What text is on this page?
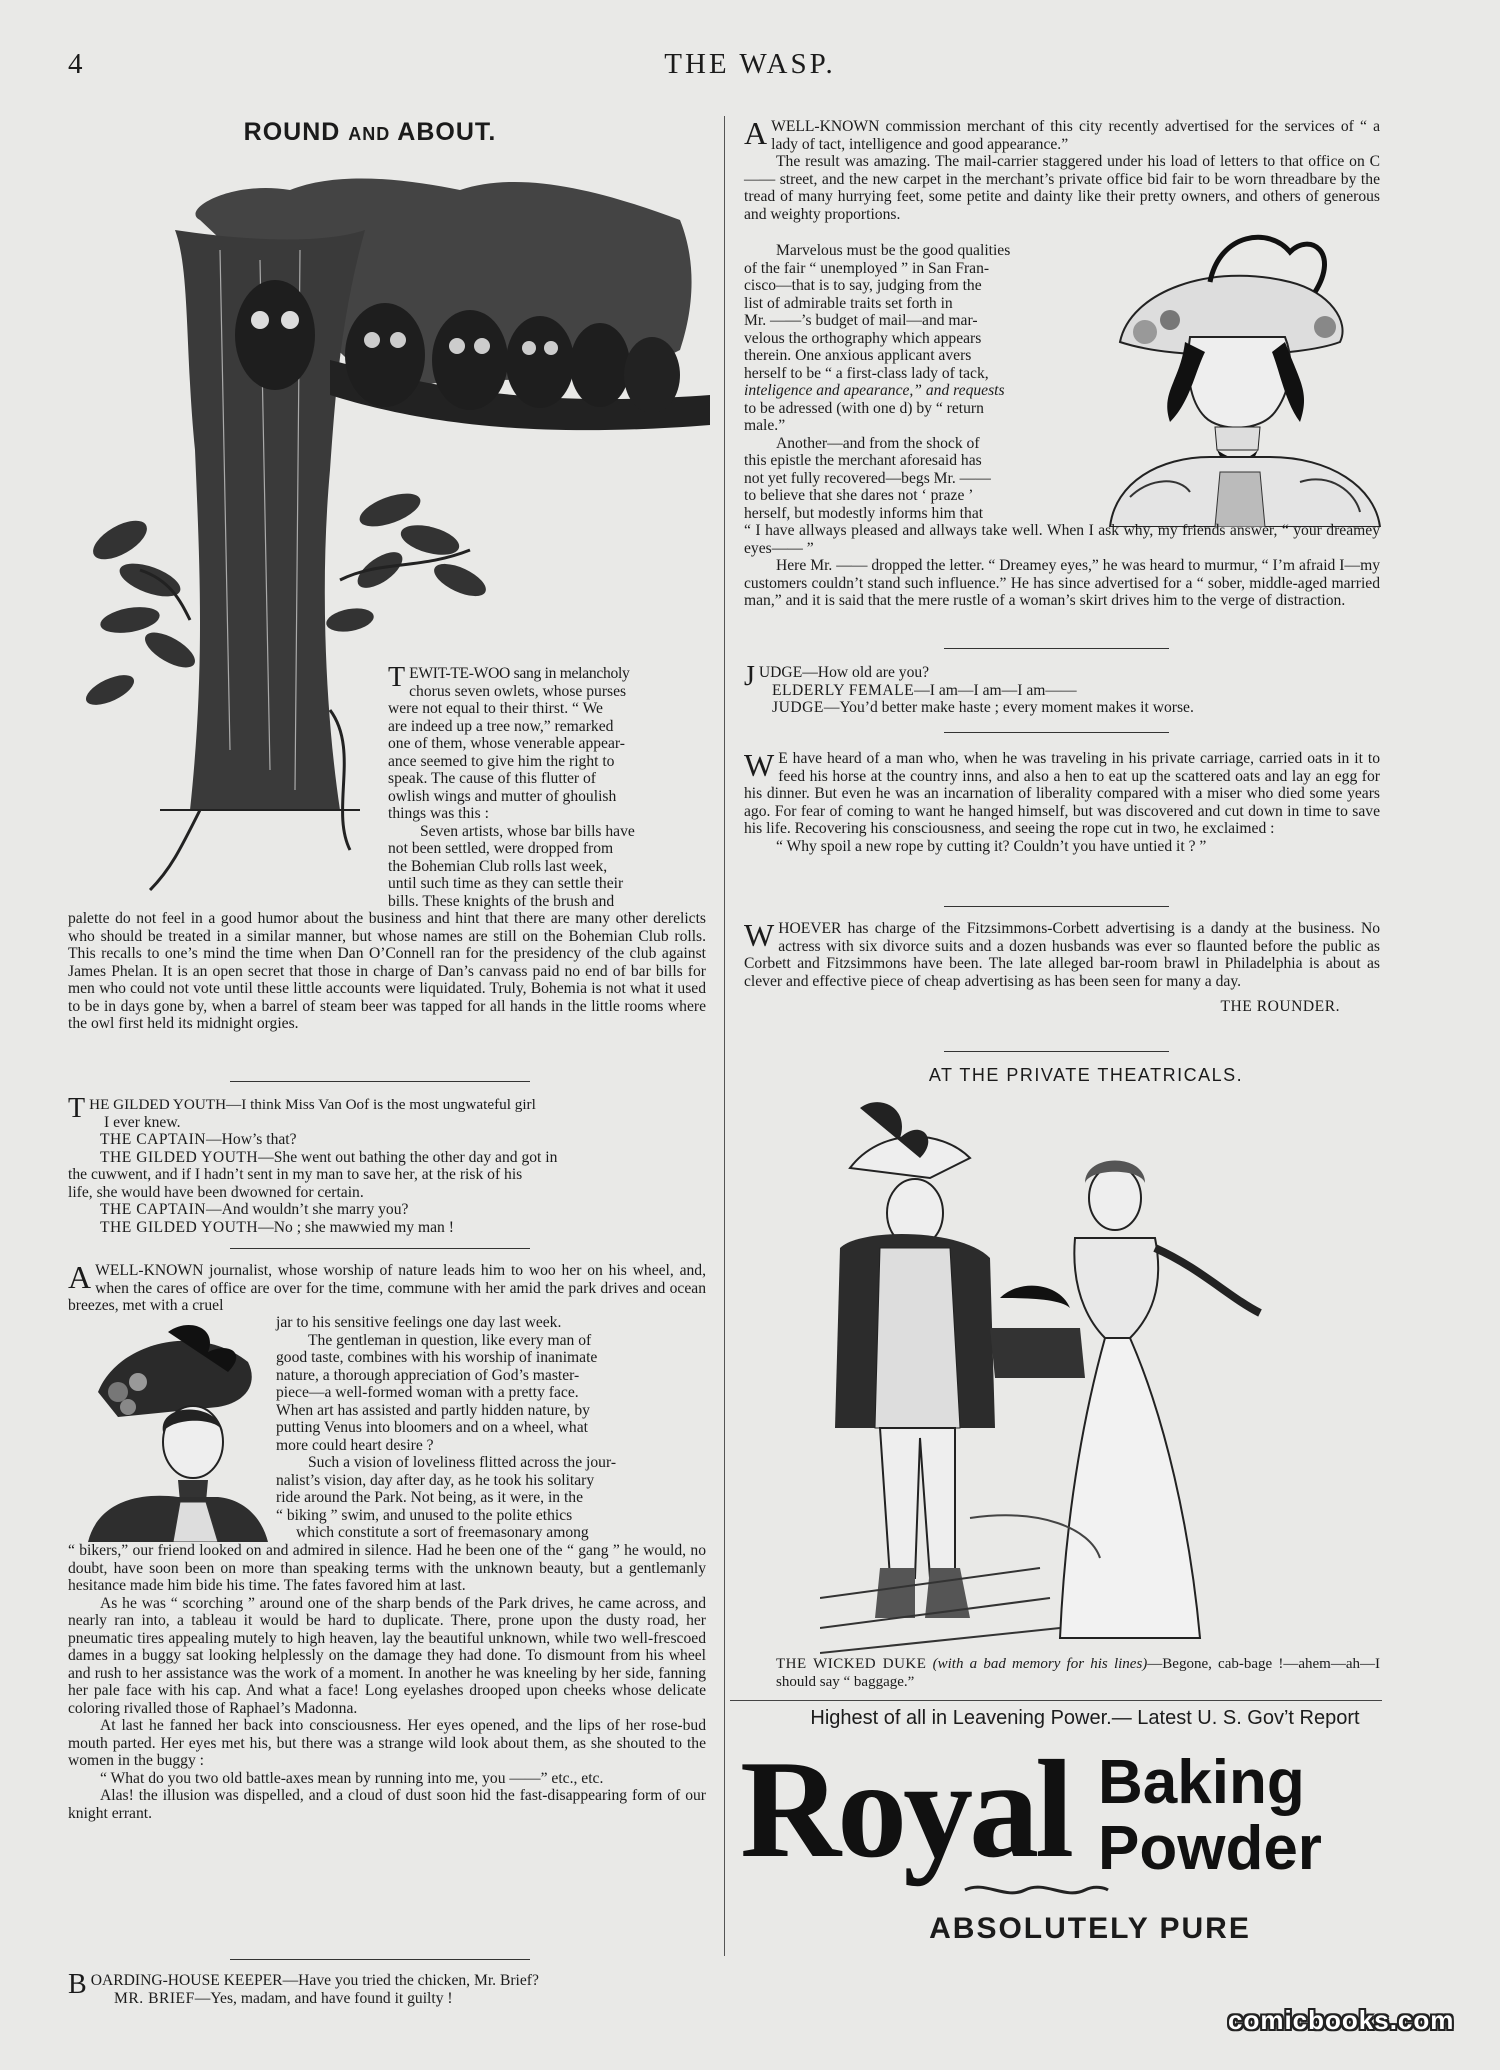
4	THE WASP.
ROUND AND ABOUT.

TEWIT-TE-WOO sang in melancholy

chorus seven owlets, whose purses

were not equal to their thirst. “ We

are indeed up a tree now,” remarked

one of them, whose venerable appear-

ance seemed to give him the right to

speak. The cause of this flutter of

owlish wings and mutter of ghoulish

things was this :

Seven artists, whose bar bills have

not been settled, were dropped from

the Bohemian Club rolls last week,

until such time as they can settle their

bills. These knights of the brush and

palette do not feel in a good humor about the business and hint that there are many other derelicts who should be treated in a similar manner, but whose names are still on the Bohemian Club rolls. This recalls to one’s mind the time when Dan O’Connell ran for the presidency of the club against James Phelan. It is an open secret that those in charge of Dan’s canvass paid no end of bar bills for men who could not vote until these little accounts were liquidated. Truly, Bohemia is not what it used to be in days gone by, when a barrel of steam beer was tapped for all hands in the little rooms where the owl first held its midnight orgies.

THE GILDED YOUTH—I think Miss Van Oof is the most ungwateful girl

I ever knew.

THE CAPTAIN—How’s that?

THE GILDED YOUTH—She went out bathing the other day and got in

the cuwwent, and if I hadn’t sent in my man to save her, at the risk of his

life, she would have been dwowned for certain.

THE CAPTAIN—And wouldn’t she marry you?

THE GILDED YOUTH—No ; she mawwied my man !

AWELL-KNOWN journalist, whose worship of nature leads him to woo her on his wheel, and, when the cares of office are over for the time, commune with her amid the park drives and ocean breezes, met with a cruel

jar to his sensitive feelings one day last week.

The gentleman in question, like every man of

good taste, combines with his worship of inanimate

nature, a thorough appreciation of God’s master-

piece—a well-formed woman with a pretty face.

When art has assisted and partly hidden nature, by

putting Venus into bloomers and on a wheel, what

more could heart desire ?

Such a vision of loveliness flitted across the jour-

nalist’s vision, day after day, as he took his solitary

ride around the Park. Not being, as it were, in the

“ biking ” swim, and unused to the polite ethics

which constitute a sort of freemasonary among

“ bikers,” our friend looked on and admired in silence. Had he been one of the “ gang ” he would, no doubt, have soon been on more than speaking terms with the unknown beauty, but a gentlemanly hesitance made him bide his time. The fates favored him at last.

As he was “ scorching ” around one of the sharp bends of the Park drives, he came across, and nearly ran into, a tableau it would be hard to duplicate. There, prone upon the dusty road, her pneumatic tires appealing mutely to high heaven, lay the beautiful unknown, while two well-frescoed dames in a buggy sat looking helplessly on the damage they had done. To dismount from his wheel and rush to her assistance was the work of a moment. In another he was kneeling by her side, fanning her pale face with his cap. And what a face! Long eyelashes drooped upon cheeks whose delicate coloring rivalled those of Raphael’s Madonna.

At last he fanned her back into consciousness. Her eyes opened, and the lips of her rose-bud mouth parted. Her eyes met his, but there was a strange wild look about them, as she shouted to the women in the buggy :

“ What do you two old battle-axes mean by running into me, you ——” etc., etc.

Alas! the illusion was dispelled, and a cloud of dust soon hid the fast-disappearing form of our knight errant.

BOARDING-HOUSE KEEPER—Have you tried the chicken, Mr. Brief?

MR. BRIEF—Yes, madam, and have found it guilty !

AWELL-KNOWN commission merchant of this city recently advertised for the services of “ a lady of tact, intelligence and good appearance.”

The result was amazing. The mail-carrier staggered under his load of letters to that office on C—— street, and the new carpet in the merchant’s private office bid fair to be worn threadbare by the tread of many hurrying feet, some petite and dainty like their pretty owners, and others of generous and weighty proportions.

Marvelous must be the good qualities

of the fair “ unemployed ” in San Fran-

cisco—that is to say, judging from the

list of admirable traits set forth in

Mr. ——’s budget of mail—and mar-

velous the orthography which appears

therein. One anxious applicant avers

herself to be “ a first-class lady of tack,

inteligence and apearance,” and requests

to be adressed (with one d) by “ return

male.”

Another—and from the shock of

this epistle the merchant aforesaid has

not yet fully recovered—begs Mr. ——

to believe that she dares not ‘ praze ’

herself, but modestly informs him that

“ I have allways pleased and allways take well. When I ask why, my friends answer, “ your dreamey eyes—— ”

Here Mr. —— dropped the letter. “ Dreamey eyes,” he was heard to murmur, “ I’m afraid I—my customers couldn’t stand such influence.” He has since advertised for a “ sober, middle-aged married man,” and it is said that the mere rustle of a woman’s skirt drives him to the verge of distraction.

JUDGE—How old are you?

ELDERLY FEMALE—I am—I am—I am——

JUDGE—You’d better make haste ; every moment makes it worse.

W E have heard of a man who, when he was traveling in his private carriage, carried oats in it to feed his horse at the country inns, and also a hen to eat up the scattered oats and lay an egg for his dinner. But even he was an incarnation of liberality compared with a miser who died some years ago. For fear of coming to want he hanged himself, but was discovered and cut down in time to save his life. Recovering his consciousness, and seeing the rope cut in two, he exclaimed :

“ Why spoil a new rope by cutting it? Couldn’t you have untied it ? ”

WHOEVER has charge of the Fitzsimmons-Corbett advertising is a dandy at the business. No actress with six divorce suits and a dozen husbands was ever so flaunted before the public as Corbett and Fitzsimmons have been. The late alleged bar-room brawl in Philadelphia is about as clever and effective piece of cheap advertising as has been seen for many a day.

THE ROUNDER.

AT THE PRIVATE THEATRICALS.
THE WICKED DUKE (with a bad memory for his lines)—Begone, cab-bage !—ahem—ah—I should say “ baggage.”
Highest of all in Leavening Power.— Latest U. S. Gov’t Report
Royal Baking
Powder
ABSOLUTELY PURE
comicbooks.com
